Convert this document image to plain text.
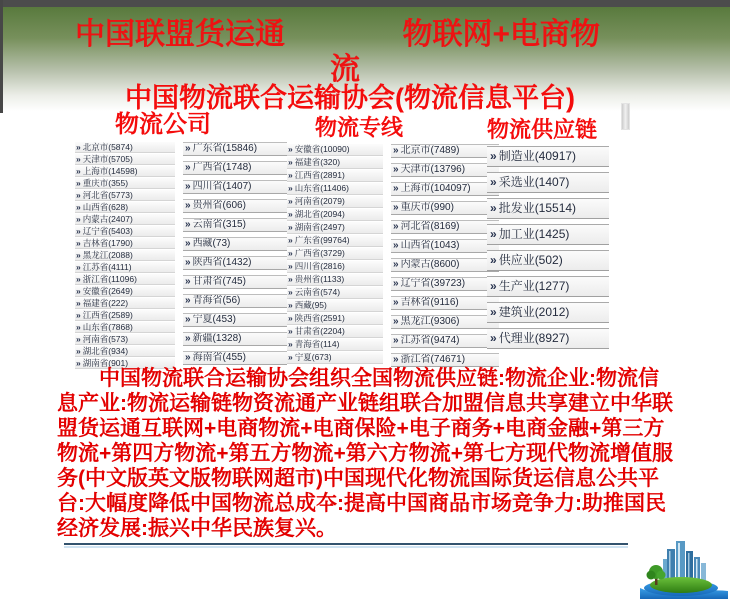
中国联盟货运通	物联网+电商物
流
中国物流联合运输协会(物流信息平台)
物流公司
» 北京市(5874)
» 天津市(5705)
» 上海市(14598)
» 重庆市(355)
» 河北省(5773)
» 山西省(628)
» 内蒙古(2407)
» 辽宁省(5403)
» 吉林省(1790)
» 黑龙江(2088)
» 江苏省(4111)
» 浙江省(11096)
» 安徽省(2649)
» 福建省(222)
» 江西省(2589)
» 山东省(7868)
» 河南省(573)
» 湖北省(934)
» 湖南省(901)
» 广东省(15846)
» 广西省(1748)
» 四川省(1407)
» 贵州省(606)
» 云南省(315)
» 西藏(73)
» 陕西省(1432)
» 甘肃省(745)
» 青海省(56)
» 宁夏(453)
» 新疆(1328)
» 海南省(455)
物流专线
» 安徽省(10090)
» 福建省(320)
» 江西省(2891)
» 山东省(11406)
» 河南省(2079)
» 湖北省(2094)
» 湖南省(2497)
» 广东省(99764)
» 广西省(3729)
» 四川省(2816)
» 贵州省(1133)
» 云南省(574)
» 西藏(95)
» 陕西省(2591)
» 甘肃省(2204)
» 青海省(114)
» 宁夏(673)
» 北京市(7489)
» 天津市(13796)
» 上海市(104097)
» 重庆市(990)
» 河北省(8169)
» 山西省(1043)
» 内蒙古(8600)
» 辽宁省(39723)
» 吉林省(9116)
» 黑龙江(9306)
» 江苏省(9474)
» 浙江省(74671)
物流供应链
» 制造业(40917)
» 采选业(1407)
» 批发业(15514)
» 加工业(1425)
» 供应业(502)
» 生产业(1277)
» 建筑业(2012)
» 代理业(8927)
中国物流联合运输协会组织全国物流供应链:物流企业:物流信息产业:物流运输链物资流通产业链组联合加盟信息共享建立中华联盟货运通互联网+电商物流+电商保险+电子商务+电商金融+第三方物流+第四方物流+第五方物流+第六方物流+第七方现代物流增值服务(中文版英文版物联网超市)中国现代化物流国际货运信息公共平台:大幅度降低中国物流总成夲:提高中国商品市场竞争力:助推国民经济发展:振兴中华民族复兴。
